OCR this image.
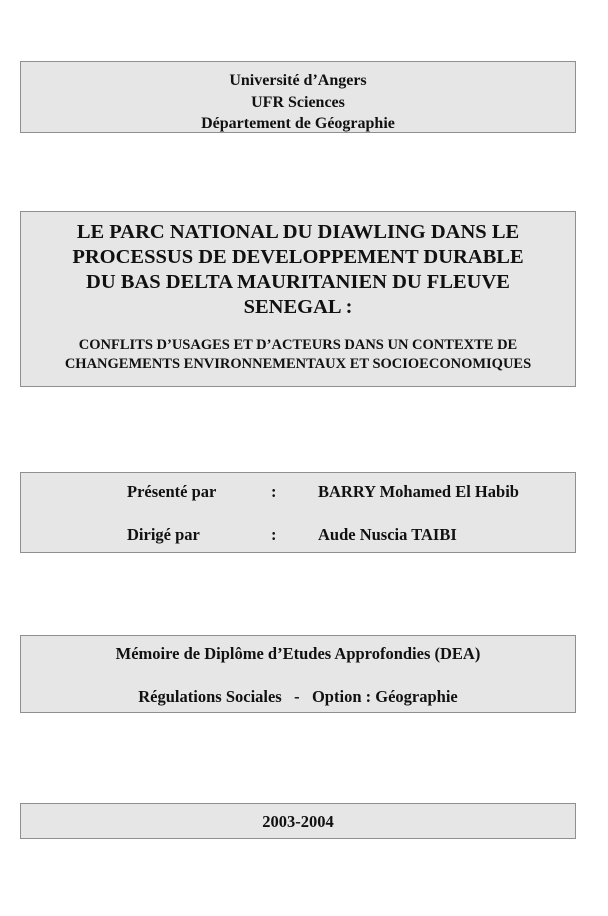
Université d’Angers
UFR Sciences
Département de Géographie
LE PARC NATIONAL DU DIAWLING DANS LE
PROCESSUS DE DEVELOPPEMENT DURABLE
DU BAS DELTA MAURITANIEN DU FLEUVE
SENEGAL :
CONFLITS D’USAGES ET D’ACTEURS DANS UN CONTEXTE DE
CHANGEMENTS ENVIRONNEMENTAUX ET SOCIOECONOMIQUES
Présenté par	:	BARRY Mohamed El Habib
Dirigé par	:	Aude Nuscia TAIBI
Mémoire de Diplôme d’Etudes Approfondies (DEA)
Régulations Sociales   -   Option : Géographie
2003-2004
